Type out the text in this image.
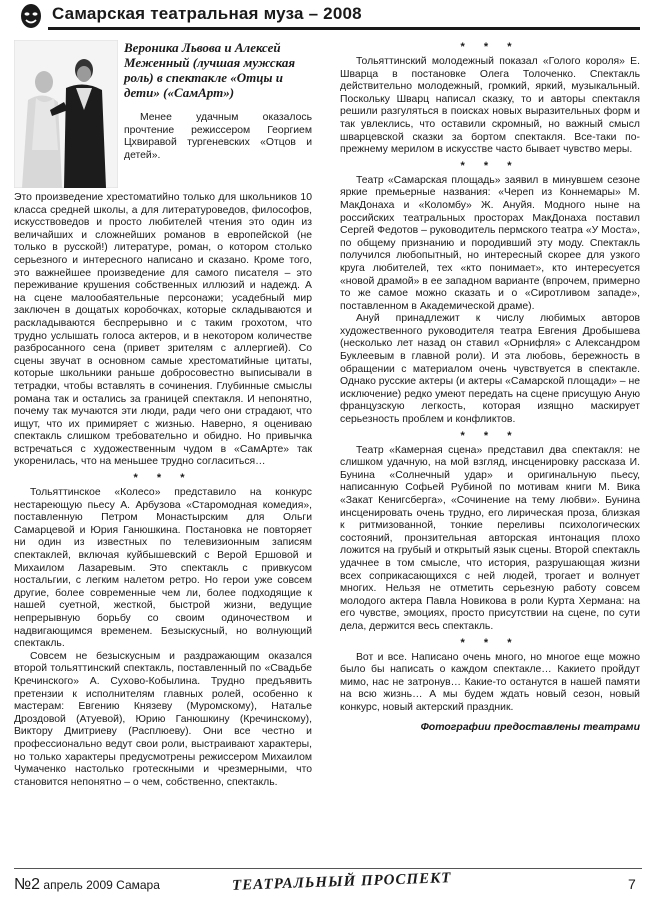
Самарская театральная муза – 2008
Вероника Львова и Алексей Меженный (лучшая мужская роль) в спектакле «Отцы и дети» («СамАрт»)

Менее удачным оказалось прочтение режиссером Георгием Цхвиравой тургеневских «Отцов и детей».

Это произведение хрестоматийно только для школьников 10 класса средней школы, а для литературоведов, философов, искусствоведов и просто любителей чтения это один из величайших и сложнейших романов в европейской (не только в русской!) литературе, роман, о котором столько серьезного и интересного написано и сказано. Кроме того, это важнейшее произведение для самого писателя – это переживание крушения собственных иллюзий и надежд. А на сцене малообаятельные персонажи; усадебный мир заключен в дощатых коробочках, которые складываются и раскладываются беспрерывно и с таким грохотом, что трудно услышать голоса актеров, и в некотором количестве разбросанного сена (привет зрителям с аллергией). Со сцены звучат в основном самые хрестоматийные цитаты, которые школьники раньше добросовестно выписывали в тетрадки, чтобы вставлять в сочинения. Глубинные смыслы романа так и остались за границей спектакля. И непонятно, почему так мучаются эти люди, ради чего они страдают, что ищут, что их примиряет с жизнью. Наверно, я оцениваю спектакль слишком требовательно и обидно. Но привычка встречаться с художественным чудом в «СамАрте» так укоренилась, что на меньшее трудно согласиться…

* * *

Тольяттинское «Колесо» представило на конкурс нестареющую пьесу А. Арбузова «Старомодная комедия», поставленную Петром Монастырским для Ольги Самарцевой и Юрия Ганюшкина. Постановка не повторяет ни один из известных по телевизионным записям спектаклей, включая куйбышевский с Верой Ершовой и Михаилом Лазаревым. Это спектакль с привкусом ностальгии, с легким налетом ретро. Но герои уже совсем другие, более современные чем ли, более подходящие к нашей суетной, жесткой, быстрой жизни, ведущие непрерывную борьбу со своим одиночеством и надвигающимся временем. Безыскусный, но волнующий спектакль.

Совсем не безыскусным и раздражающим оказался второй тольяттинский спектакль, поставленный по «Свадьбе Кречинского» А. Сухово-Кобылина. Трудно предъявить претензии к исполнителям главных ролей, особенно к мастерам: Евгению Князеву (Муромскому), Наталье Дроздовой (Атуевой), Юрию Ганюшкину (Кречинскому), Виктору Дмитриеву (Расплюеву). Они все честно и профессионально ведут свои роли, выстраивают характеры, но только характеры предусмотрены режиссером Михаилом Чумаченко настолько гротескными и чрезмерными, что становится непонятно – о чем, собственно, спектакль.

* * *

Тольяттинский молодежный показал «Голого короля» Е. Шварца в постановке Олега Толоченко. Спектакль действительно молодежный, громкий, яркий, музыкальный. Поскольку Шварц написал сказку, то и авторы спектакля решили разгуляться в поисках новых выразительных форм и так увлеклись, что оставили скромный, но важный смысл шварцевской сказки за бортом спектакля. Все-таки по-прежнему мерилом в искусстве часто бывает чувство меры.

* * *

Театр «Самарская площадь» заявил в минувшем сезоне яркие премьерные названия: «Череп из Коннемары» М. МакДонаха и «Коломбу» Ж. Ануйя. Модного ныне на российских театральных просторах МакДонаха поставил Сергей Федотов – руководитель пермского театра «У Моста», по общему признанию и породивший эту моду. Спектакль получился любопытный, но интересный скорее для узкого круга любителей, тех «кто понимает», кто интересуется «новой драмой» в ее западном варианте (впрочем, примерно то же самое можно сказать и о «Сиротливом западе», поставленном в Академической драме).

Ануй принадлежит к числу любимых авторов художественного руководителя театра Евгения Дробышева (несколько лет назад он ставил «Орнифля» с Александром Буклеевым в главной роли). И эта любовь, бережность в обращении с материалом очень чувствуется в спектакле. Однако русские актеры (и актеры «Самарской площади» – не исключение) редко умеют передать на сцене присущую Аную французскую легкость, которая изящно маскирует серьезность проблем и конфликтов.

* * *

Театр «Камерная сцена» представил два спектакля: не слишком удачную, на мой взгляд, инсценировку рассказа И. Бунина «Солнечный удар» и оригинальную пьесу, написанную Софьей Рубиной по мотивам книги М. Вика «Закат Кенигсберга», «Сочинение на тему любви». Бунина инсценировать очень трудно, его лирическая проза, близкая к ритмизованной, тонкие переливы психологических состояний, пронзительная авторская интонация плохо ложится на грубый и открытый язык сцены. Второй спектакль удачнее в том смысле, что история, разрушающая жизни всех соприкасающихся с ней людей, трогает и волнует многих. Нельзя не отметить серьезную работу совсем молодого актера Павла Новикова в роли Курта Хермана: на его чувстве, эмоциях, просто присутствии на сцене, по сути дела, держится весь спектакль.

* * *

Вот и все. Написано очень много, но многое еще можно было бы написать о каждом спектакле… Какието пройдут мимо, нас не затронув… Какие-то останутся в нашей памяти на всю жизнь… А мы будем ждать новый сезон, новый конкурс, новый актерский праздник.

Фотографии предоставлены театрами
№2 апрель 2009 Самара	ТЕАТРАЛЬНЫЙ ПРОСПЕКТ	7
